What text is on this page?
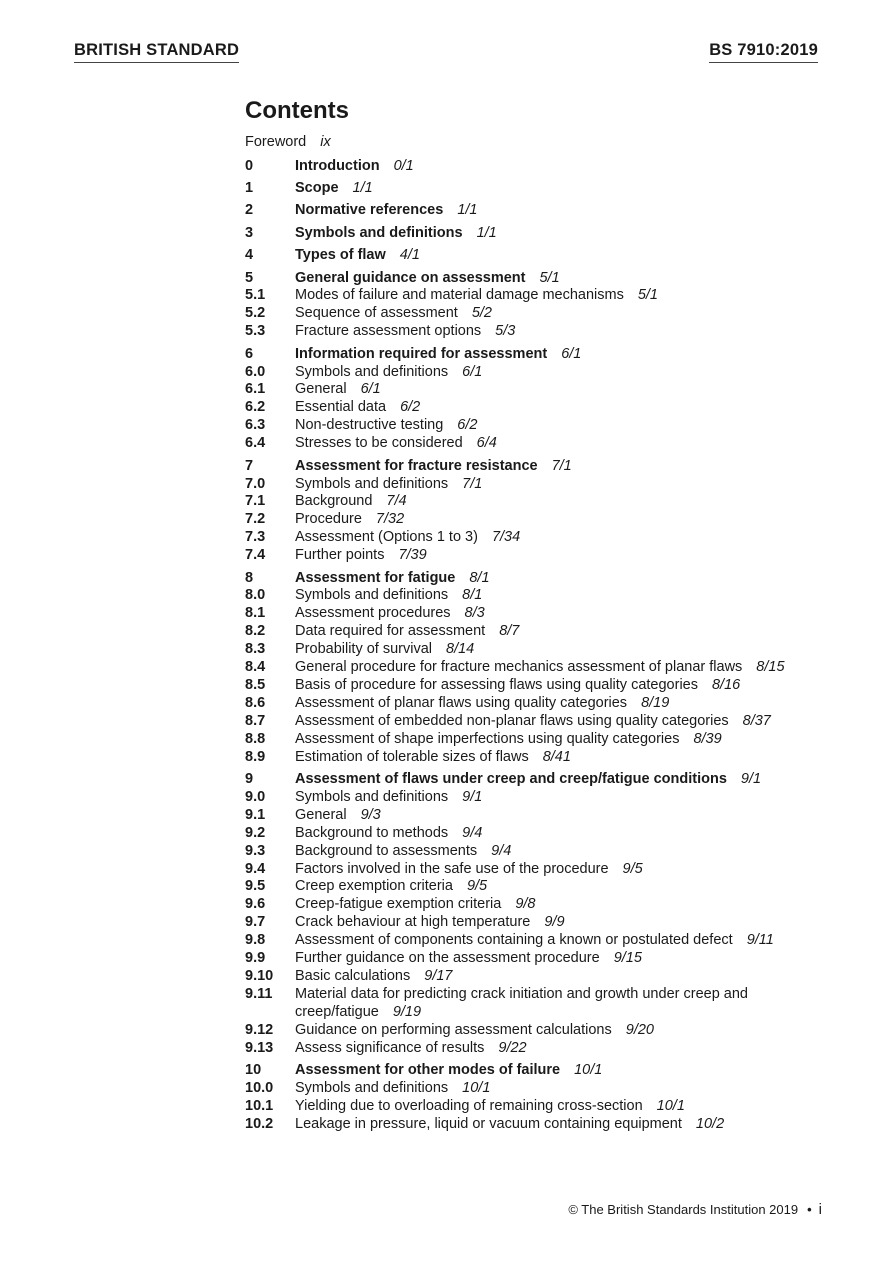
BRITISH STANDARD	BS 7910:2019
Contents
Foreword ix
0	Introduction 0/1
1	Scope 1/1
2	Normative references 1/1
3	Symbols and definitions 1/1
4	Types of flaw 4/1
5	General guidance on assessment 5/1
5.1	Modes of failure and material damage mechanisms 5/1
5.2	Sequence of assessment 5/2
5.3	Fracture assessment options 5/3
6	Information required for assessment 6/1
6.0	Symbols and definitions 6/1
6.1	General 6/1
6.2	Essential data 6/2
6.3	Non-destructive testing 6/2
6.4	Stresses to be considered 6/4
7	Assessment for fracture resistance 7/1
7.0	Symbols and definitions 7/1
7.1	Background 7/4
7.2	Procedure 7/32
7.3	Assessment (Options 1 to 3) 7/34
7.4	Further points 7/39
8	Assessment for fatigue 8/1
8.0	Symbols and definitions 8/1
8.1	Assessment procedures 8/3
8.2	Data required for assessment 8/7
8.3	Probability of survival 8/14
8.4	General procedure for fracture mechanics assessment of planar flaws 8/15
8.5	Basis of procedure for assessing flaws using quality categories 8/16
8.6	Assessment of planar flaws using quality categories 8/19
8.7	Assessment of embedded non-planar flaws using quality categories 8/37
8.8	Assessment of shape imperfections using quality categories 8/39
8.9	Estimation of tolerable sizes of flaws 8/41
9	Assessment of flaws under creep and creep/fatigue conditions 9/1
9.0	Symbols and definitions 9/1
9.1	General 9/3
9.2	Background to methods 9/4
9.3	Background to assessments 9/4
9.4	Factors involved in the safe use of the procedure 9/5
9.5	Creep exemption criteria 9/5
9.6	Creep-fatigue exemption criteria 9/8
9.7	Crack behaviour at high temperature 9/9
9.8	Assessment of components containing a known or postulated defect 9/11
9.9	Further guidance on the assessment procedure 9/15
9.10	Basic calculations 9/17
9.11	Material data for predicting crack initiation and growth under creep and creep/fatigue 9/19
9.12	Guidance on performing assessment calculations 9/20
9.13	Assess significance of results 9/22
10	Assessment for other modes of failure 10/1
10.0	Symbols and definitions 10/1
10.1	Yielding due to overloading of remaining cross-section 10/1
10.2	Leakage in pressure, liquid or vacuum containing equipment 10/2
© The British Standards Institution 2019 • i
